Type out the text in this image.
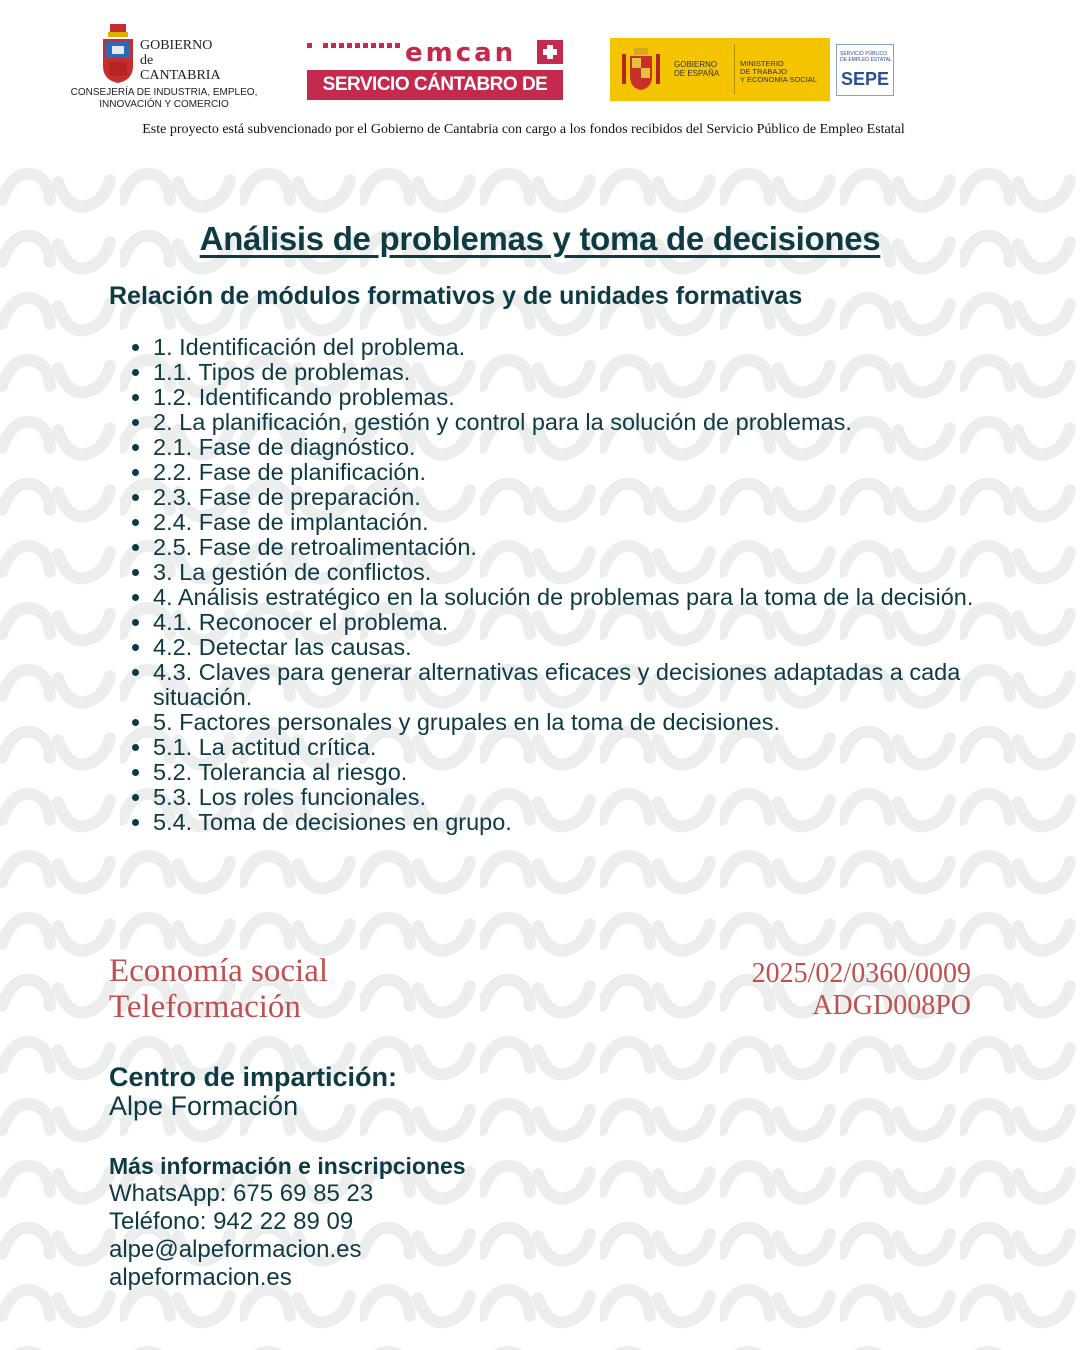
GOBIERNO
de
CANTABRIA
CONSEJERÍA DE INDUSTRIA, EMPLEO,
INNOVACIÓN Y COMERCIO
emcan
SERVICIO CÁNTABRO DE EMPLEO
GOBIERNO
DE ESPAÑA
MINISTERIO
DE TRABAJO
Y ECONOMÍA SOCIAL
SERVICIO PÚBLICO
DE EMPLEO ESTATAL
SEPE
Este proyecto está subvencionado por el Gobierno de Cantabria con cargo a los fondos recibidos del Servicio Público de Empleo Estatal
Análisis de problemas y toma de decisiones
Relación de módulos formativos y de unidades formativas
• 1. Identificación del problema.
• 1.1. Tipos de problemas.
• 1.2. Identificando problemas.
• 2. La planificación, gestión y control para la solución de problemas.
• 2.1. Fase de diagnóstico.
• 2.2. Fase de planificación.
• 2.3. Fase de preparación.
• 2.4. Fase de implantación.
• 2.5. Fase de retroalimentación.
• 3. La gestión de conflictos.
• 4. Análisis estratégico en la solución de problemas para la toma de la decisión.
• 4.1. Reconocer el problema.
• 4.2. Detectar las causas.
• 4.3. Claves para generar alternativas eficaces y decisiones adaptadas a cada situación.
• 5. Factores personales y grupales en la toma de decisiones.
• 5.1. La actitud crítica.
• 5.2. Tolerancia al riesgo.
• 5.3. Los roles funcionales.
• 5.4. Toma de decisiones en grupo.
Economía social
Teleformación
2025/02/0360/0009
ADGD008PO
Centro de impartición:
Alpe Formación
Más información e inscripciones
WhatsApp: 675 69 85 23
Teléfono: 942 22 89 09
alpe@alpeformacion.es
alpeformacion.es
